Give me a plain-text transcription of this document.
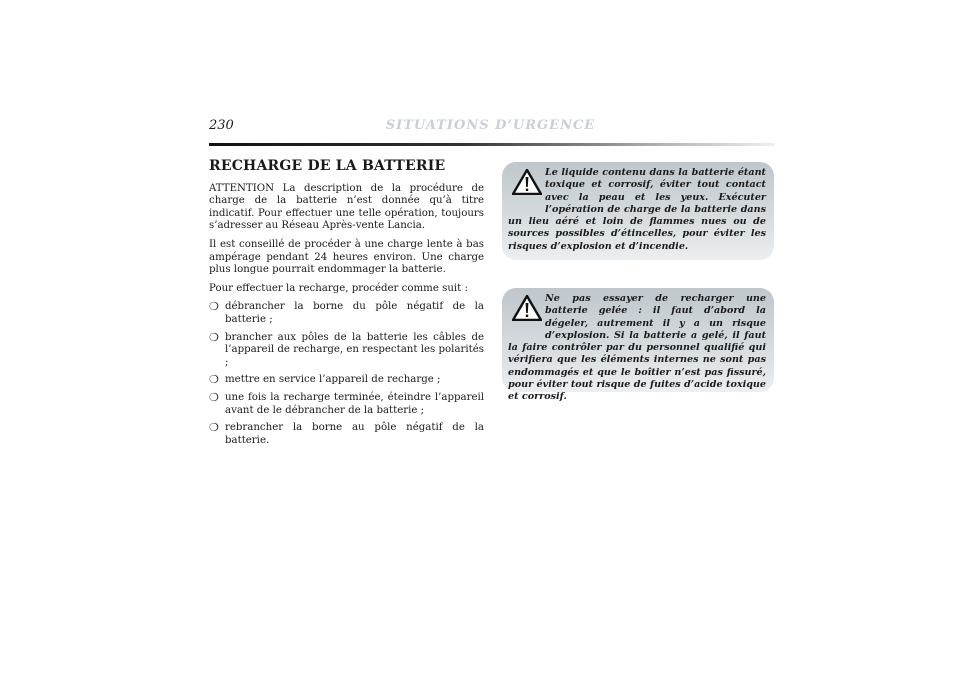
230	SITUATIONS D’URGENCE
RECHARGE DE LA BATTERIE

ATTENTION La description de la procédure de charge de la batterie n’est donnée qu’à titre indicatif. Pour effectuer une telle opération, toujours s’adresser au Réseau Après-vente Lancia.

Il est conseillé de procéder à une charge lente à bas ampérage pendant 24 heures environ. Une charge plus longue pourrait endommager la batterie.

Pour effectuer la recharge, procéder comme suit :

❍ débrancher la borne du pôle négatif de la batterie ;
❍ brancher aux pôles de la batterie les câbles de l’appareil de recharge, en respectant les polarités ;
❍ mettre en service l’appareil de recharge ;
❍ une fois la recharge terminée, éteindre l’appareil avant de le débrancher de la batterie ;
❍ rebrancher la borne au pôle négatif de la batterie.
Le liquide contenu dans la batterie étant toxique et corrosif, éviter tout contact avec la peau et les yeux. Exécuter l’opération de charge de la batterie dans un lieu aéré et loin de flammes nues ou de sources possibles d’étincelles, pour éviter les risques d’explosion et d’incendie.
Ne pas essayer de recharger une batterie gelée : il faut d’abord la dégeler, autrement il y a un risque d’explosion. Si la batterie a gelé, il faut la faire contrôler par du personnel qualifié qui vérifiera que les éléments internes ne sont pas endommagés et que le boîtier n’est pas fissuré, pour éviter tout risque de fuites d’acide toxique et corrosif.
